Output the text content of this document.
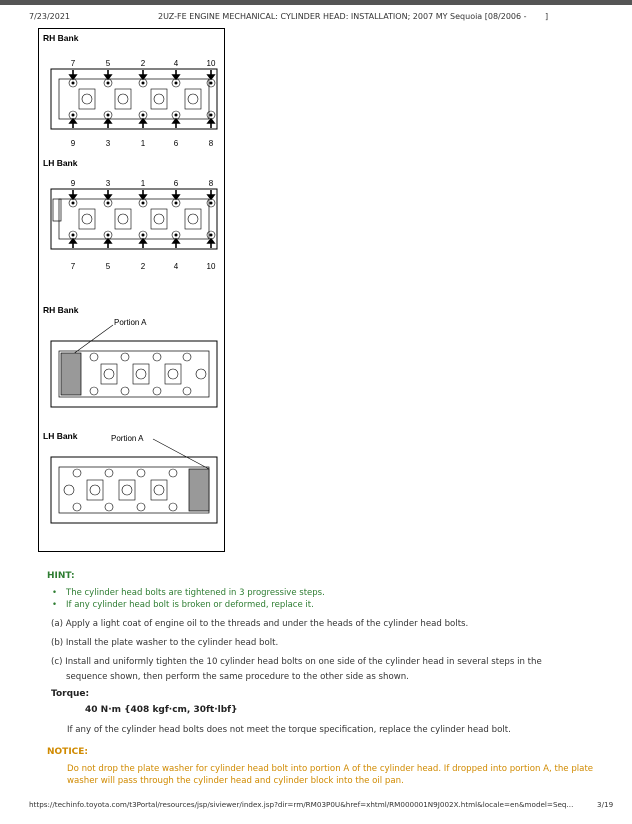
7/23/2021	2UZ-FE ENGINE MECHANICAL: CYLINDER HEAD: INSTALLATION; 2007 MY Sequoia [08/2006 - ]
RH Bank
7	5	2	4	10
9	3	1	6	8
LH Bank
9	3	1	6	8
7	5	2	4	10
RH Bank
Portion A
LH Bank	Portion A
HINT:
• The cylinder head bolts are tightened in 3 progressive steps.
• If any cylinder head bolt is broken or deformed, replace it.
(a) Apply a light coat of engine oil to the threads and under the heads of the cylinder head bolts.
(b) Install the plate washer to the cylinder head bolt.
(c) Install and uniformly tighten the 10 cylinder head bolts on one side of the cylinder head in several steps in the
sequence shown, then perform the same procedure to the other side as shown.
Torque:
40 N·m {408 kgf·cm, 30ft·lbf}
If any of the cylinder head bolts does not meet the torque specification, replace the cylinder head bolt.
NOTICE:
Do not drop the plate washer for cylinder head bolt into portion A of the cylinder head. If dropped into portion A, the plate washer will pass through the cylinder head and cylinder block into the oil pan.
https://techinfo.toyota.com/t3Portal/resources/jsp/siviewer/index.jsp?dir=rm/RM03P0U&href=xhtml/RM000001N9J002X.html&locale=en&model=Seq...	3/19
